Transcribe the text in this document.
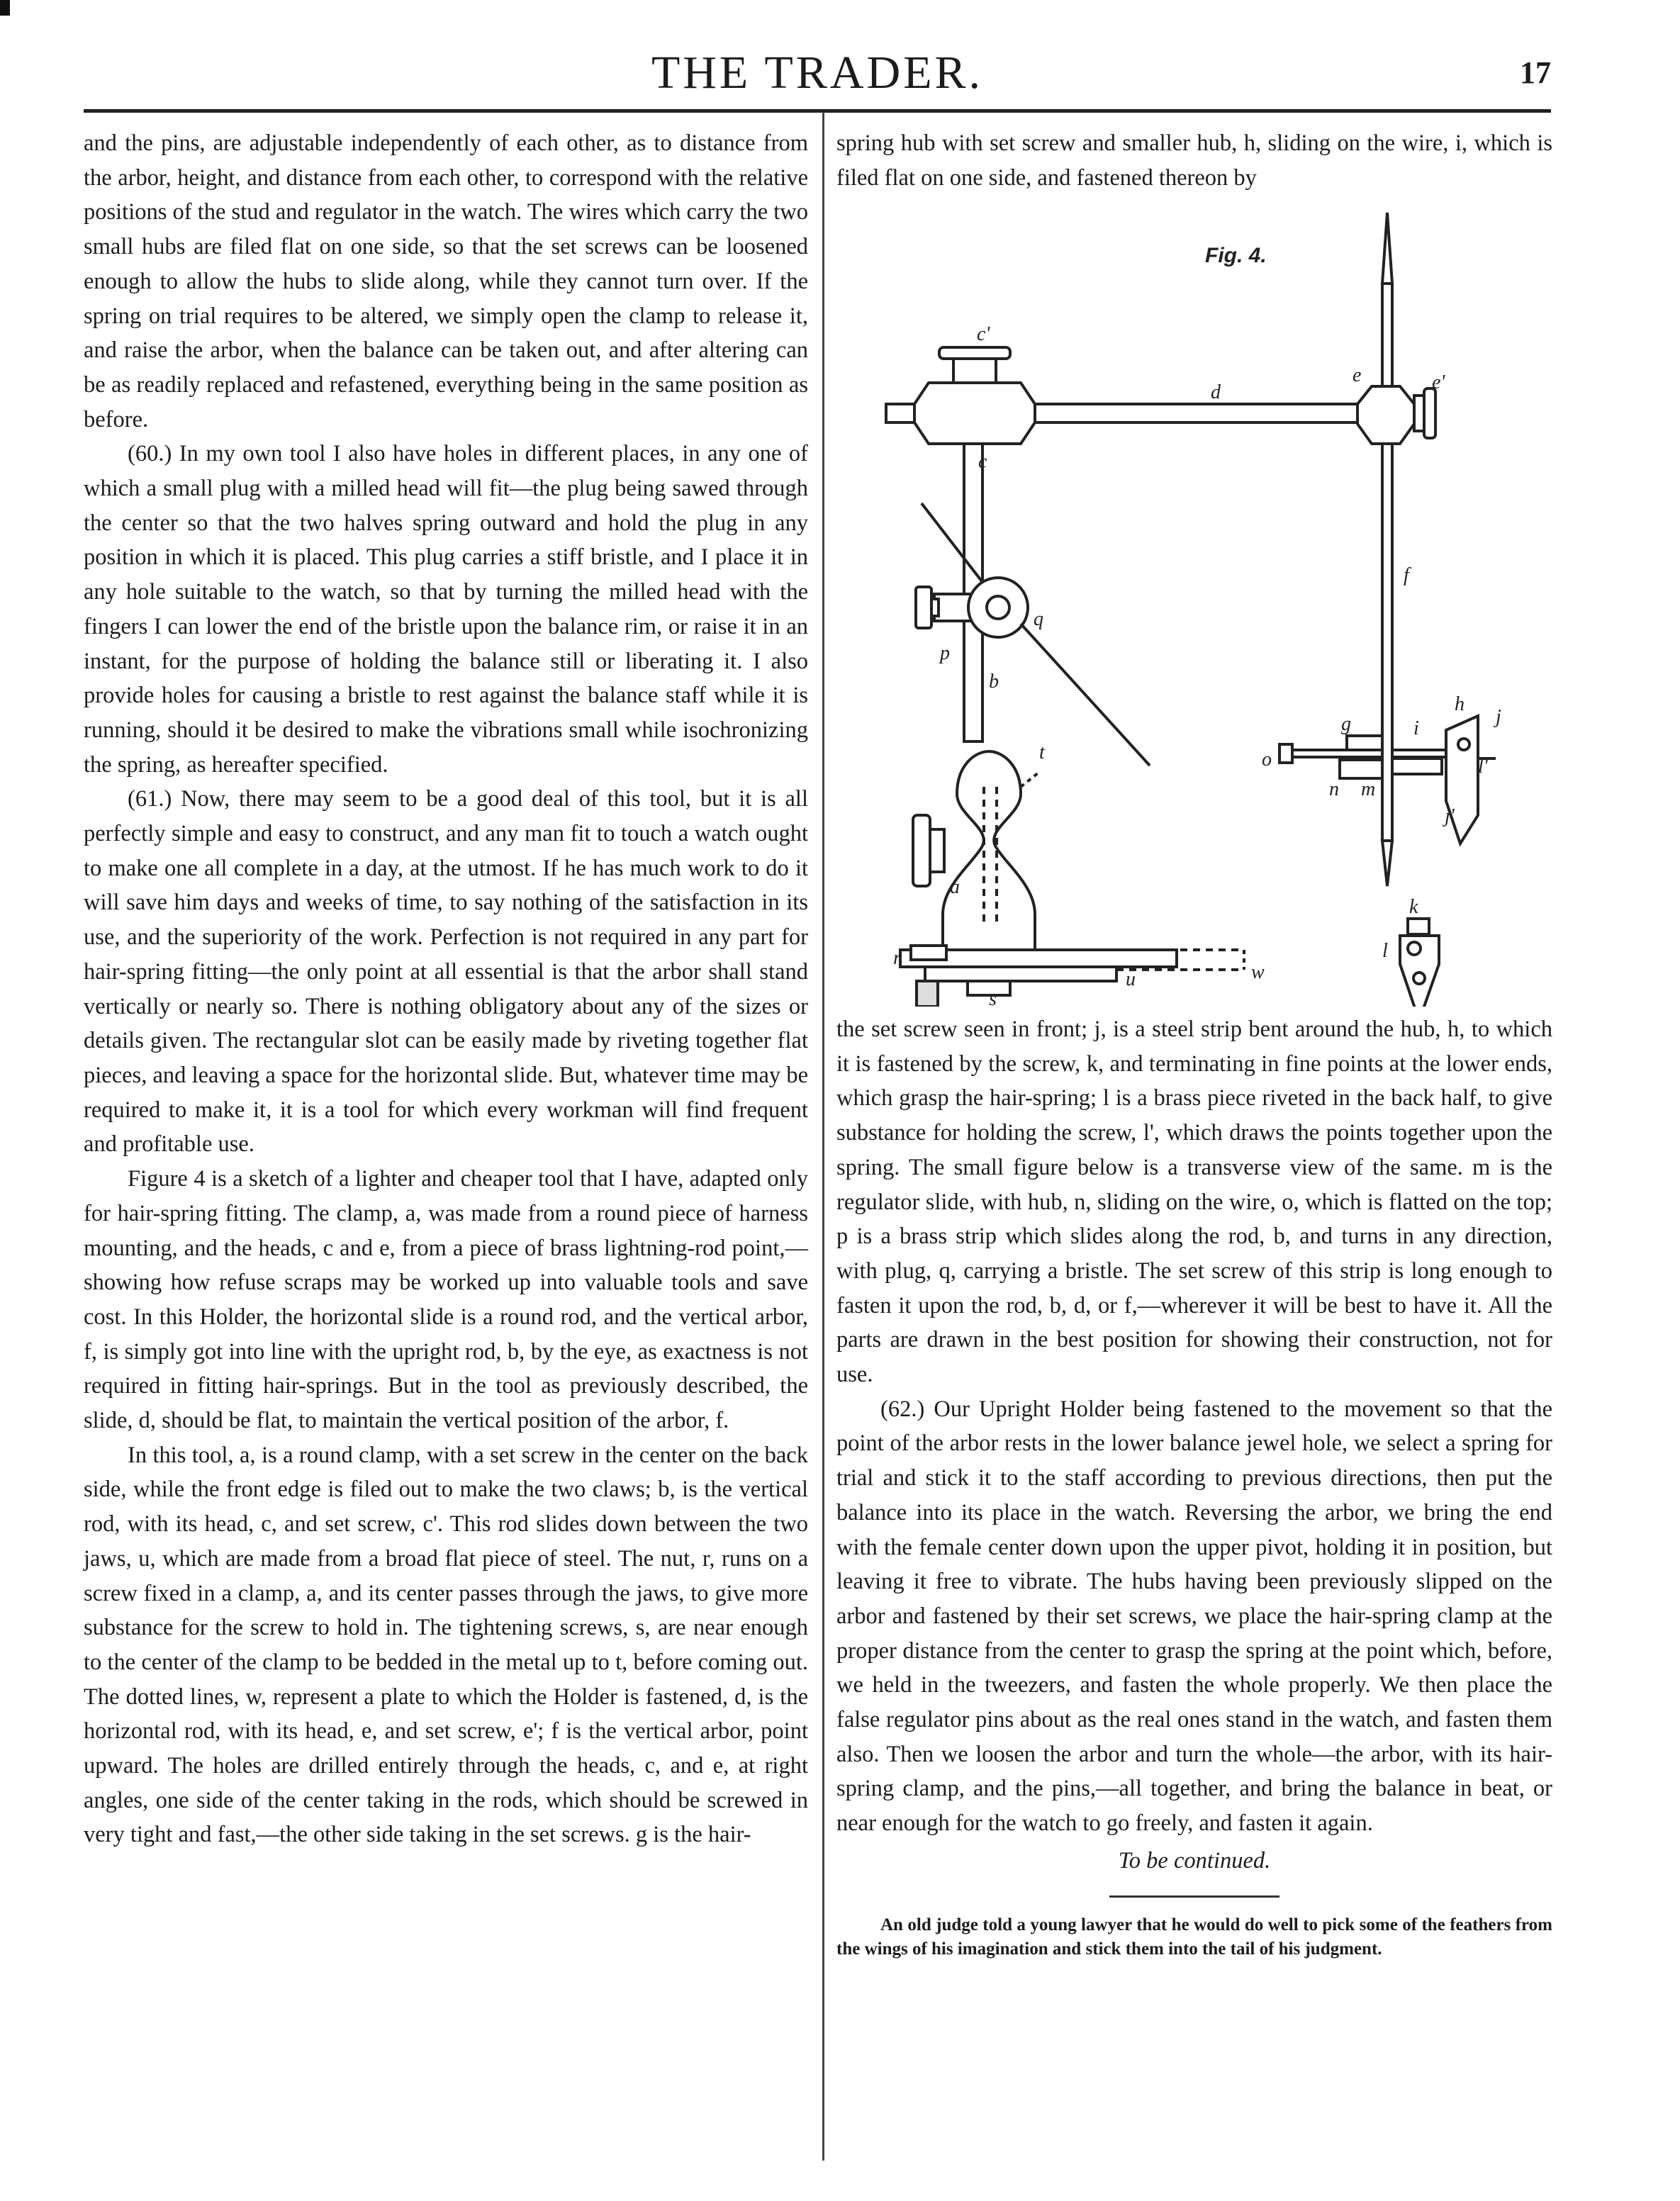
THE TRADER.	17

and the pins, are adjustable independently of each other, as to distance from the arbor, height, and distance from each other, to correspond with the relative positions of the stud and regulator in the watch. The wires which carry the two small hubs are filed flat on one side, so that the set screws can be loosened enough to allow the hubs to slide along, while they cannot turn over. If the spring on trial requires to be altered, we simply open the clamp to release it, and raise the arbor, when the balance can be taken out, and after altering can be as readily replaced and refastened, everything being in the same position as before.

(60.) In my own tool I also have holes in different places, in any one of which a small plug with a milled head will fit—the plug being sawed through the center so that the two halves spring outward and hold the plug in any position in which it is placed. This plug carries a stiff bristle, and I place it in any hole suitable to the watch, so that by turning the milled head with the fingers I can lower the end of the bristle upon the balance rim, or raise it in an instant, for the purpose of holding the balance still or liberating it. I also provide holes for causing a bristle to rest against the balance staff while it is running, should it be desired to make the vibrations small while isochronizing the spring, as hereafter specified.

(61.) Now, there may seem to be a good deal of this tool, but it is all perfectly simple and easy to construct, and any man fit to touch a watch ought to make one all complete in a day, at the utmost. If he has much work to do it will save him days and weeks of time, to say nothing of the satisfaction in its use, and the superiority of the work. Perfection is not required in any part for hair-spring fitting—the only point at all essential is that the arbor shall stand vertically or nearly so. There is nothing obligatory about any of the sizes or details given. The rectangular slot can be easily made by riveting together flat pieces, and leaving a space for the horizontal slide. But, whatever time may be required to make it, it is a tool for which every workman will find frequent and profitable use.

Figure 4 is a sketch of a lighter and cheaper tool that I have, adapted only for hair-spring fitting. The clamp, a, was made from a round piece of harness mounting, and the heads, c and e, from a piece of brass lightning-rod point,—showing how refuse scraps may be worked up into valuable tools and save cost. In this Holder, the horizontal slide is a round rod, and the vertical arbor, f, is simply got into line with the upright rod, b, by the eye, as exactness is not required in fitting hair-springs. But in the tool as previously described, the slide, d, should be flat, to maintain the vertical position of the arbor, f.

In this tool, a, is a round clamp, with a set screw in the center on the back side, while the front edge is filed out to make the two claws; b, is the vertical rod, with its head, c, and set screw, c'. This rod slides down between the two jaws, u, which are made from a broad flat piece of steel. The nut, r, runs on a screw fixed in a clamp, a, and its center passes through the jaws, to give more substance for the screw to hold in. The tightening screws, s, are near enough to the center of the clamp to be bedded in the metal up to t, before coming out. The dotted lines, w, represent a plate to which the Holder is fastened, d, is the horizontal rod, with its head, e, and set screw, e'; f is the vertical arbor, point upward. The holes are drilled entirely through the heads, c, and e, at right angles, one side of the center taking in the rods, which should be screwed in very tight and fast,—the other side taking in the set screws. g is the hair-

spring hub with set screw and smaller hub, h, sliding on the wire, i, which is filed flat on one side, and fastened thereon by

Fig. 4.
c'
d
e	e'
c
f
q
p
b
t
a
r
s
u	w
g
o
n m
h
i
j
l'
j'
k
l

the set screw seen in front; j, is a steel strip bent around the hub, h, to which it is fastened by the screw, k, and terminating in fine points at the lower ends, which grasp the hair-spring; l is a brass piece riveted in the back half, to give substance for holding the screw, l', which draws the points together upon the spring. The small figure below is a transverse view of the same. m is the regulator slide, with hub, n, sliding on the wire, o, which is flatted on the top; p is a brass strip which slides along the rod, b, and turns in any direction, with plug, q, carrying a bristle. The set screw of this strip is long enough to fasten it upon the rod, b, d, or f,—wherever it will be best to have it. All the parts are drawn in the best position for showing their construction, not for use.

(62.) Our Upright Holder being fastened to the movement so that the point of the arbor rests in the lower balance jewel hole, we select a spring for trial and stick it to the staff according to previous directions, then put the balance into its place in the watch. Reversing the arbor, we bring the end with the female center down upon the upper pivot, holding it in position, but leaving it free to vibrate. The hubs having been previously slipped on the arbor and fastened by their set screws, we place the hair-spring clamp at the proper distance from the center to grasp the spring at the point which, before, we held in the tweezers, and fasten the whole properly. We then place the false regulator pins about as the real ones stand in the watch, and fasten them also. Then we loosen the arbor and turn the whole—the arbor, with its hair-spring clamp, and the pins,—all together, and bring the balance in beat, or near enough for the watch to go freely, and fasten it again.

To be continued.

An old judge told a young lawyer that he would do well to pick some of the feathers from the wings of his imagination and stick them into the tail of his judgment.
